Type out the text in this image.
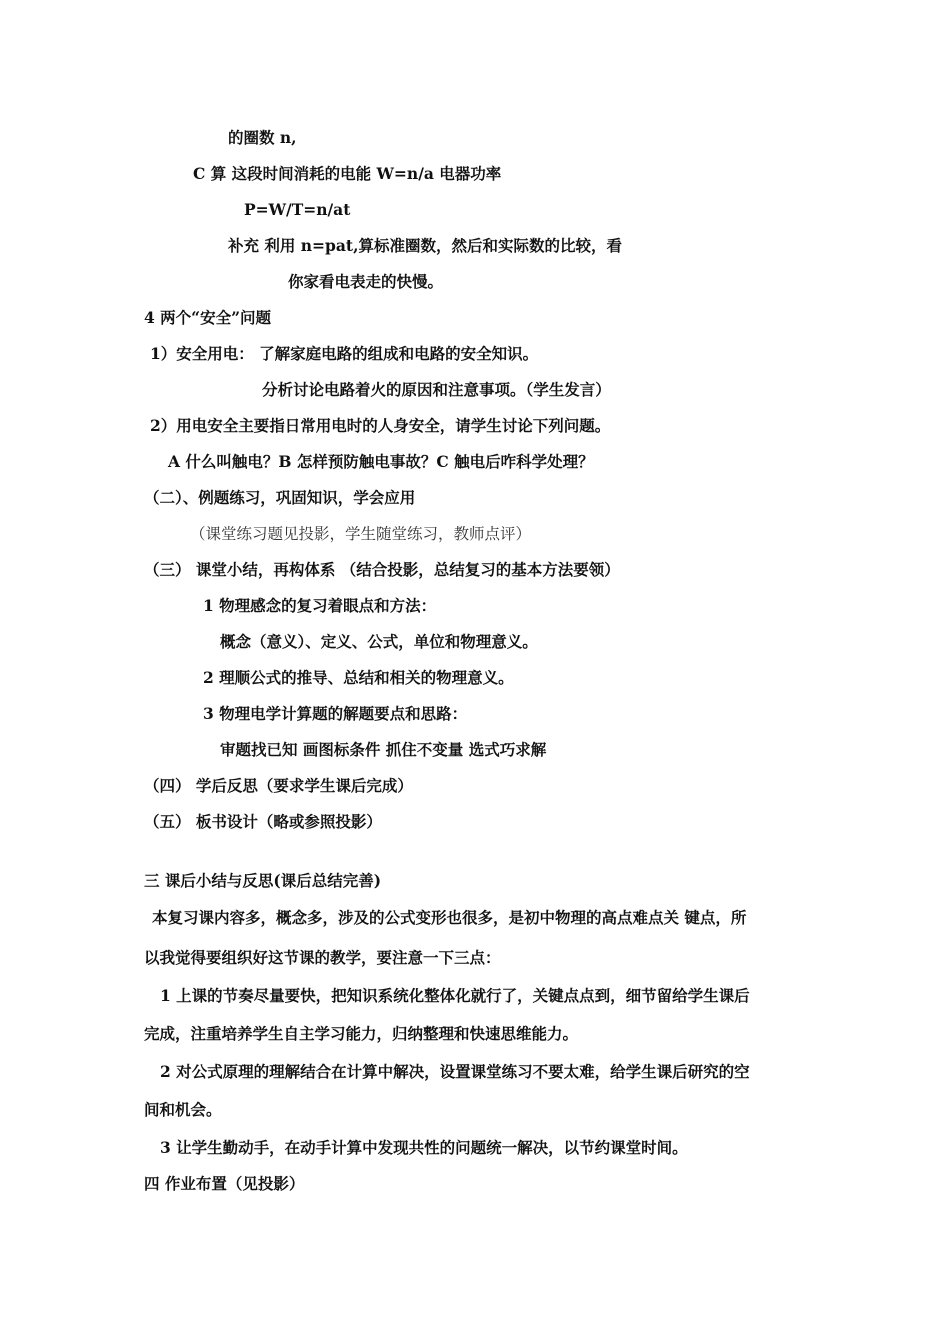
的圈数 n,
C 算 这段时间消耗的电能 W=n/a 电器功率
P=W/T=n/at
补充 利用 n=pat,算标准圈数，然后和实际数的比较，看
你家看电表走的快慢。
4 两个“安全”问题
1）安全用电： 了解家庭电路的组成和电路的安全知识。
分析讨论电路着火的原因和注意事项。（学生发言）
2）用电安全主要指日常用电时的人身安全，请学生讨论下列问题。
A 什么叫触电？B 怎样预防触电事故？C 触电后咋科学处理？
（二）、例题练习，巩固知识，学会应用
（课堂练习题见投影，学生随堂练习，教师点评）
（三） 课堂小结，再构体系 （结合投影，总结复习的基本方法要领）
1 物理感念的复习着眼点和方法：
概念（意义）、定义、公式，单位和物理意义。
2 理顺公式的推导、总结和相关的物理意义。
3 物理电学计算题的解题要点和思路：
审题找已知 画图标条件 抓住不变量 选式巧求解
（四） 学后反思（要求学生课后完成）
（五） 板书设计（略或参照投影）
三 课后小结与反思(课后总结完善)
本复习课内容多，概念多，涉及的公式变形也很多，是初中物理的高点难点关 键点，所
以我觉得要组织好这节课的教学，要注意一下三点：
1 上课的节奏尽量要快，把知识系统化整体化就行了，关键点点到，细节留给学生课后
完成，注重培养学生自主学习能力，归纳整理和快速思维能力。
2 对公式原理的理解结合在计算中解决，设置课堂练习不要太难，给学生课后研究的空
间和机会。
3 让学生勤动手，在动手计算中发现共性的问题统一解决，以节约课堂时间。
四 作业布置（见投影）
